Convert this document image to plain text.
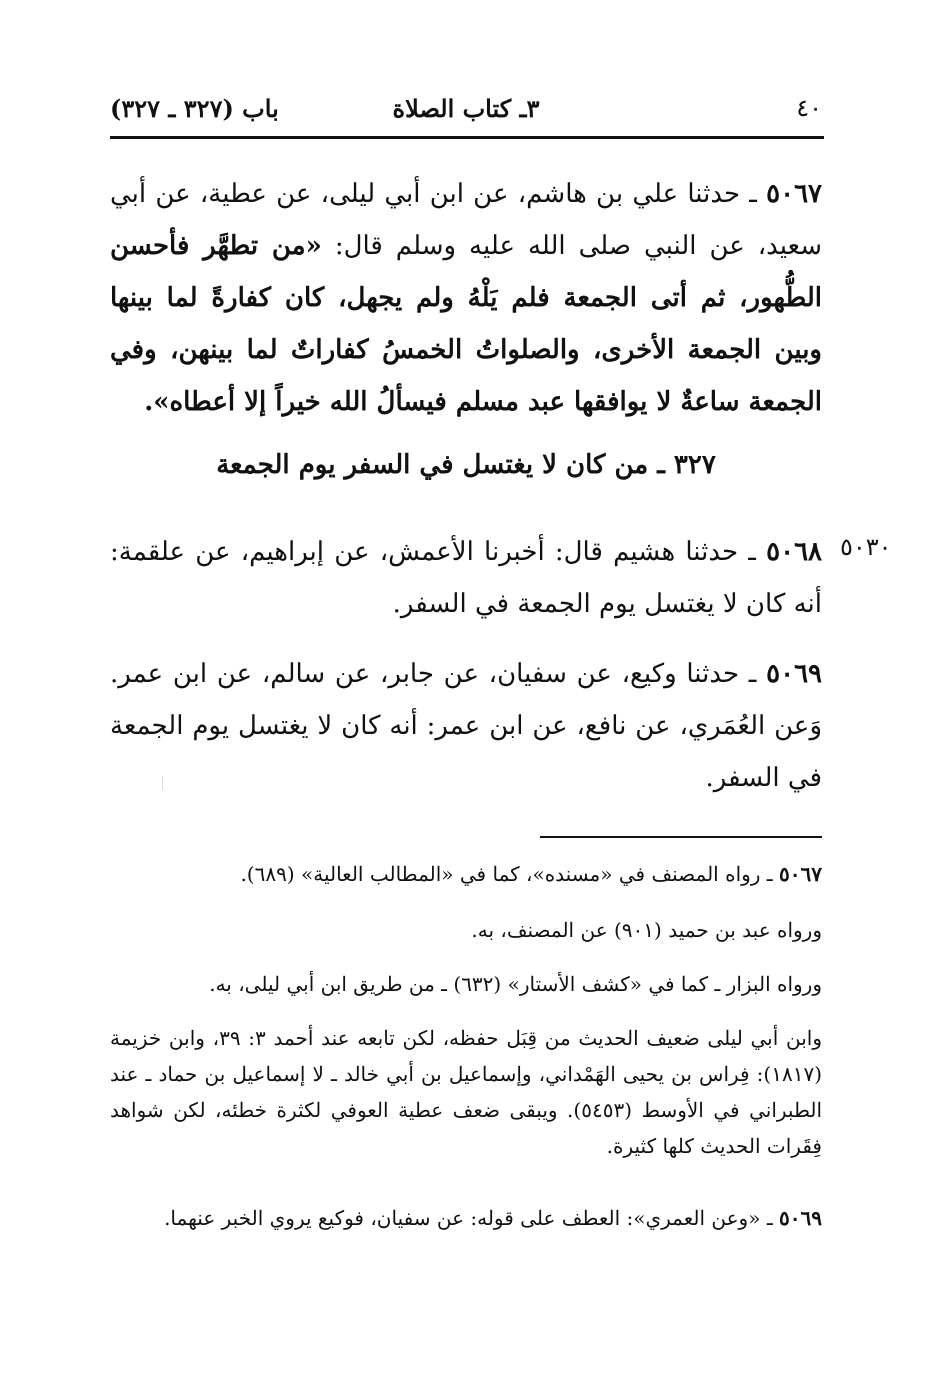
٤٠
٣ـ كتاب الصلاة
باب (٣٢٧ ـ ٣٢٧)
٥٠٦٧ ـ حدثنا علي بن هاشم، عن ابن أبي ليلى، عن عطية، عن أبي سعيد، عن النبي صلى الله عليه وسلم قال: «من تطهَّر فأحسن الطُّهور، ثم أتى الجمعة فلم يَلْهُ ولم يجهل، كان كفارةً لما بينها وبين الجمعة الأخرى، والصلواتُ الخمسُ كفاراتٌ لما بينهن، وفي الجمعة ساعةٌ لا يوافقها عبد مسلم فيسألُ الله خيراً إلا أعطاه».
٣٢٧ ـ من كان لا يغتسل في السفر يوم الجمعة
٥٠٣٠
٥٠٦٨ ـ حدثنا هشيم قال: أخبرنا الأعمش، عن إبراهيم، عن علقمة: أنه كان لا يغتسل يوم الجمعة في السفر.
٥٠٦٩ ـ حدثنا وكيع، عن سفيان، عن جابر، عن سالم، عن ابن عمر. وَعن العُمَري، عن نافع، عن ابن عمر: أنه كان لا يغتسل يوم الجمعة في السفر.
٥٠٦٧ ـ رواه المصنف في «مسنده»، كما في «المطالب العالية» (٦٨٩).
ورواه عبد بن حميد (٩٠١) عن المصنف، به.
ورواه البزار ـ كما في «كشف الأستار» (٦٣٢) ـ من طريق ابن أبي ليلى، به.
وابن أبي ليلى ضعيف الحديث من قِبَل حفظه، لكن تابعه عند أحمد ٣: ٣٩، وابن خزيمة (١٨١٧): فِراس بن يحيى الهَمْداني، وإسماعيل بن أبي خالد ـ لا إسماعيل بن حماد ـ عند الطبراني في الأوسط (٥٤٥٣). ويبقى ضعف عطية العوفي لكثرة خطئه، لكن شواهد فِقَرات الحديث كلها كثيرة.
٥٠٦٩ ـ «وعن العمري»: العطف على قوله: عن سفيان، فوكيع يروي الخبر عنهما.
